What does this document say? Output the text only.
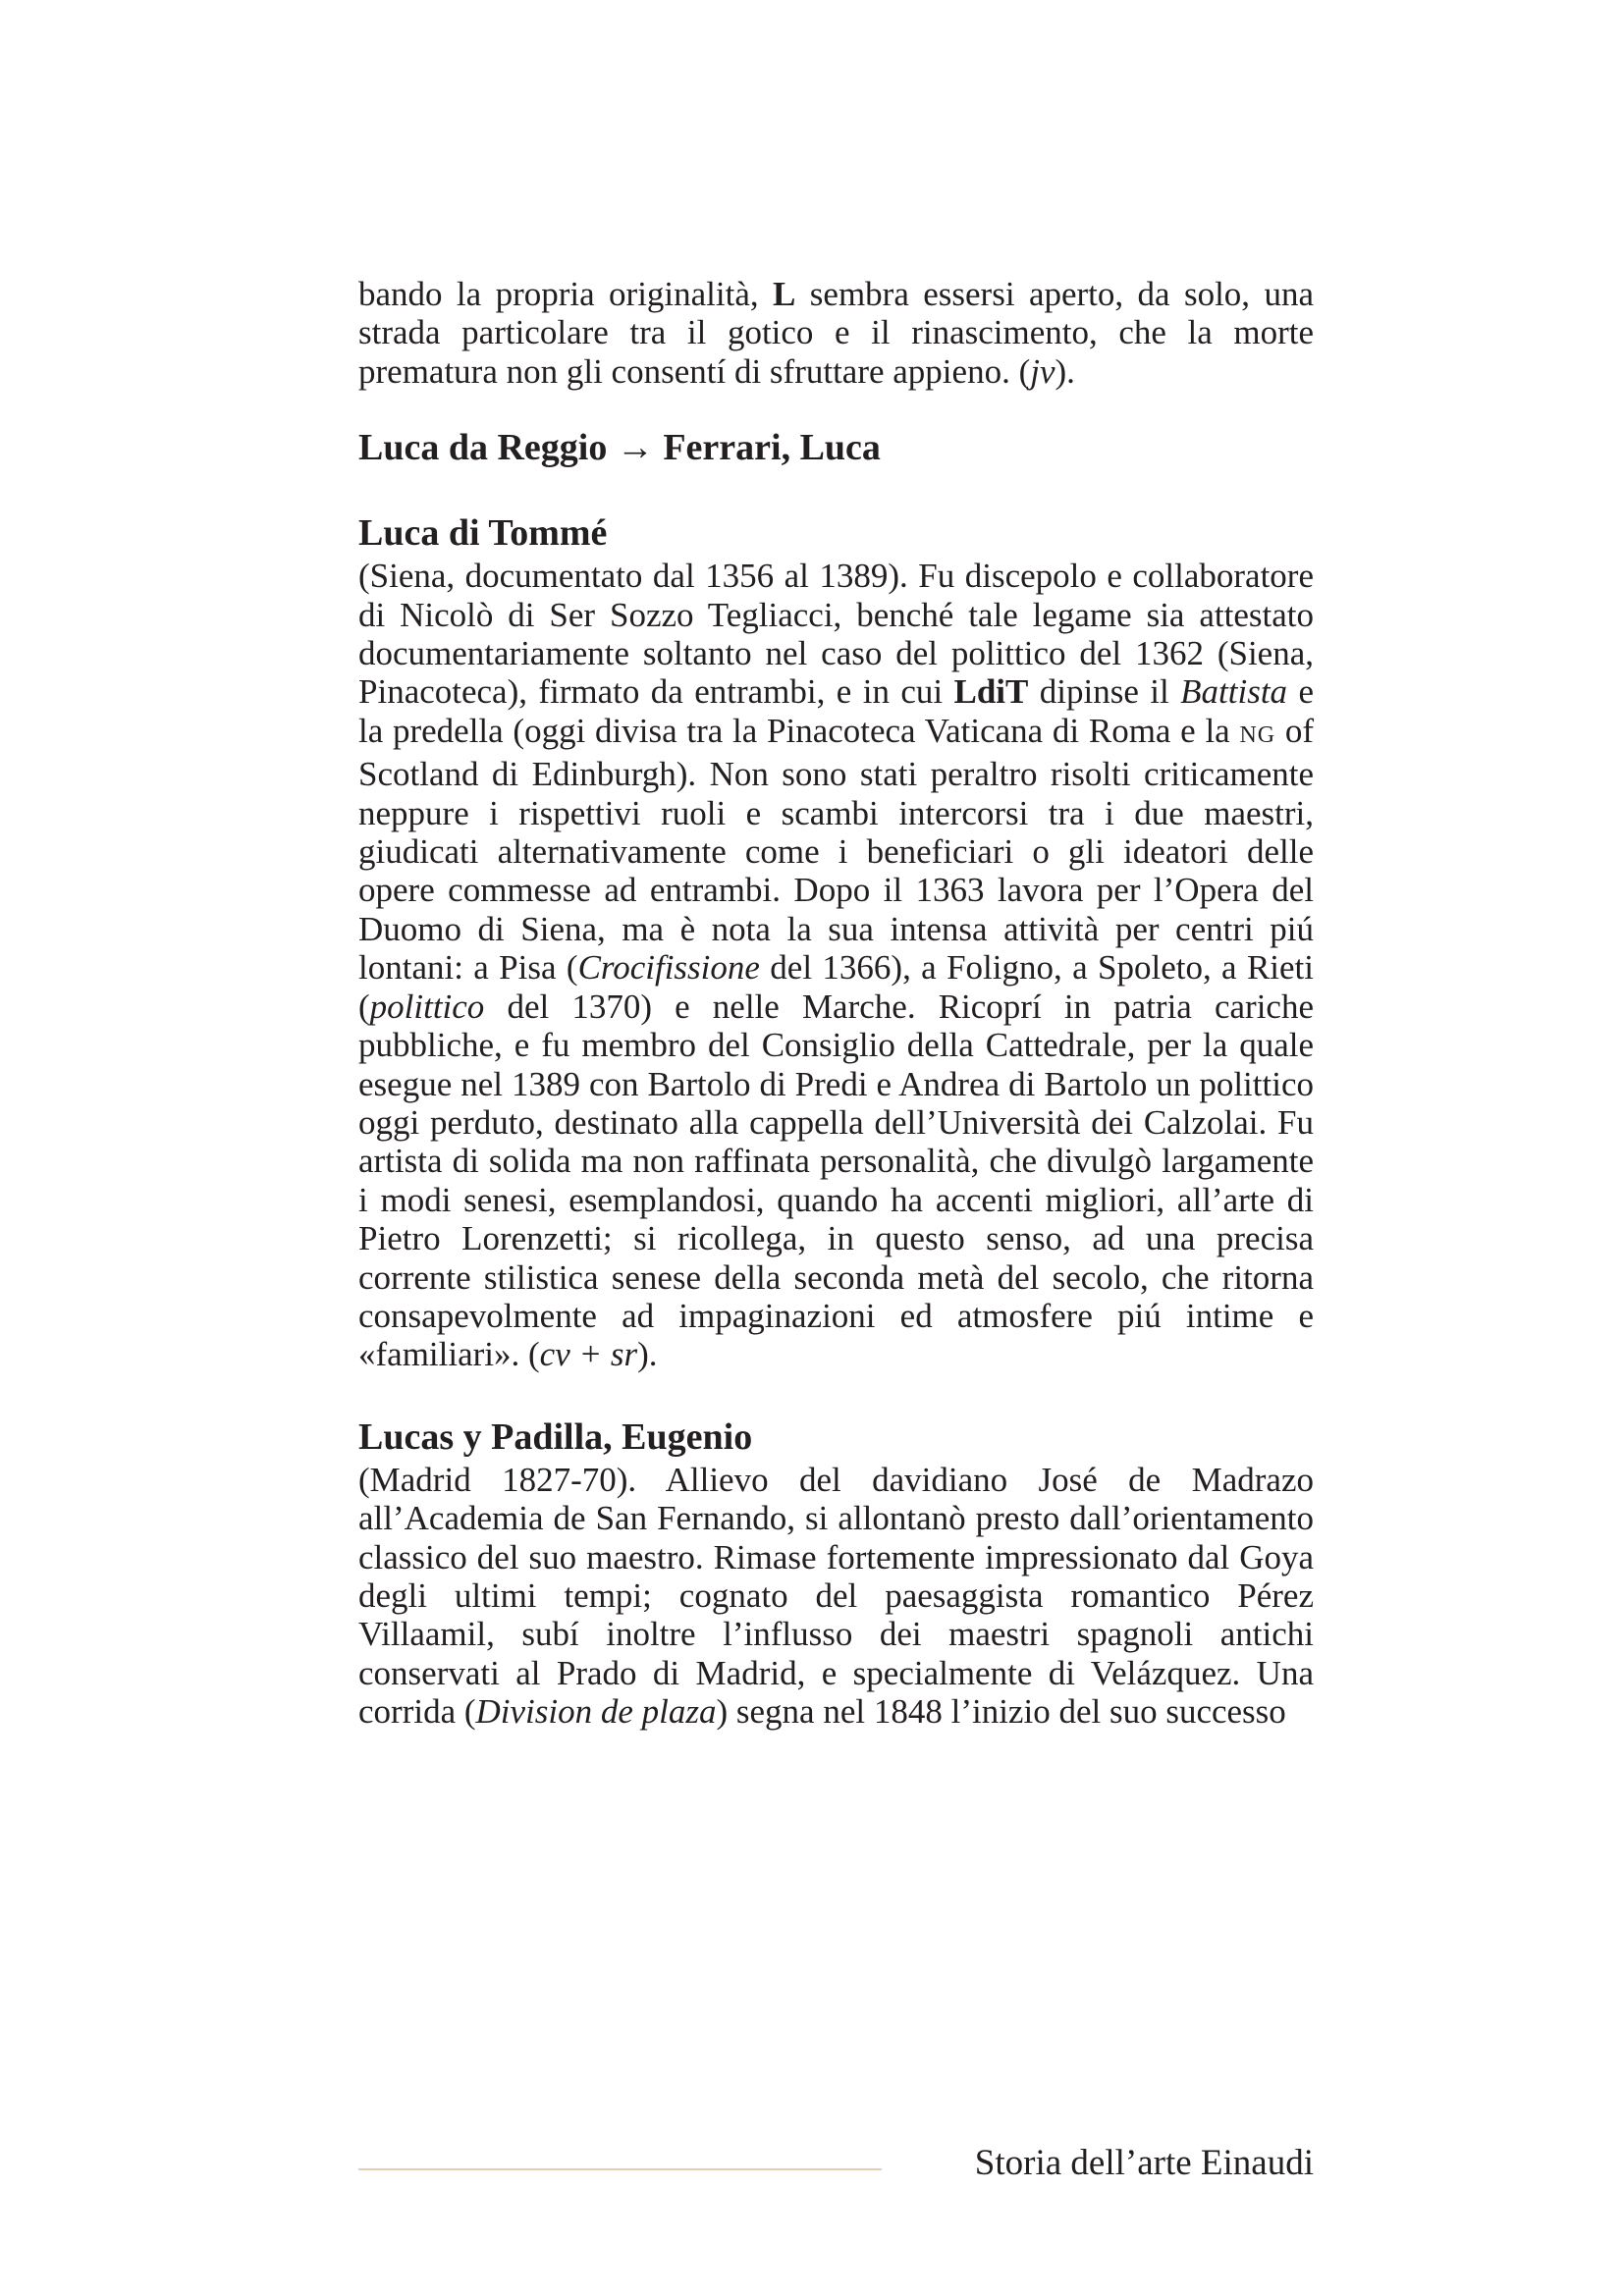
bando la propria originalità, L sembra essersi aperto, da solo, una strada particolare tra il gotico e il rinascimento, che la morte prematura non gli consentí di sfruttare appieno. (jv).

Luca da Reggio → Ferrari, Luca
Luca di Tommé

(Siena, documentato dal 1356 al 1389). Fu discepolo e collaboratore di Nicolò di Ser Sozzo Tegliacci, benché tale legame sia attestato documentariamente soltanto nel caso del polittico del 1362 (Siena, Pinacoteca), firmato da entrambi, e in cui LdiT dipinse il Battista e la predella (oggi divisa tra la Pinacoteca Vaticana di Roma e la NG of Scotland di Edinburgh). Non sono stati peraltro risolti criticamente neppure i rispettivi ruoli e scambi intercorsi tra i due maestri, giudicati alternativamente come i beneficiari o gli ideatori delle opere commesse ad entrambi. Dopo il 1363 lavora per l’Opera del Duomo di Siena, ma è nota la sua intensa attività per centri piú lontani: a Pisa (Crocifissione del 1366), a Foligno, a Spoleto, a Rieti (polittico del 1370) e nelle Marche. Ricoprí in patria cariche pubbliche, e fu membro del Consiglio della Cattedrale, per la quale esegue nel 1389 con Bartolo di Predi e Andrea di Bartolo un polittico oggi perduto, destinato alla cappella dell’Università dei Calzolai. Fu artista di solida ma non raffinata personalità, che divulgò largamente i modi senesi, esemplandosi, quando ha accenti migliori, all’arte di Pietro Lorenzetti; si ricollega, in questo senso, ad una precisa corrente stilistica senese della seconda metà del secolo, che ritorna consapevolmente ad impaginazioni ed atmosfere piú intime e «familiari». (cv + sr).

Lucas y Padilla, Eugenio

(Madrid 1827-70). Allievo del davidiano José de Madrazo all’Academia de San Fernando, si allontanò presto dall’orientamento classico del suo maestro. Rimase fortemente impressionato dal Goya degli ultimi tempi; cognato del paesaggista romantico Pérez Villaamil, subí inoltre l’influsso dei maestri spagnoli antichi conservati al Prado di Madrid, e specialmente di Velázquez. Una corrida (Division de plaza) segna nel 1848 l’inizio del suo successo

Storia dell’arte Einaudi
